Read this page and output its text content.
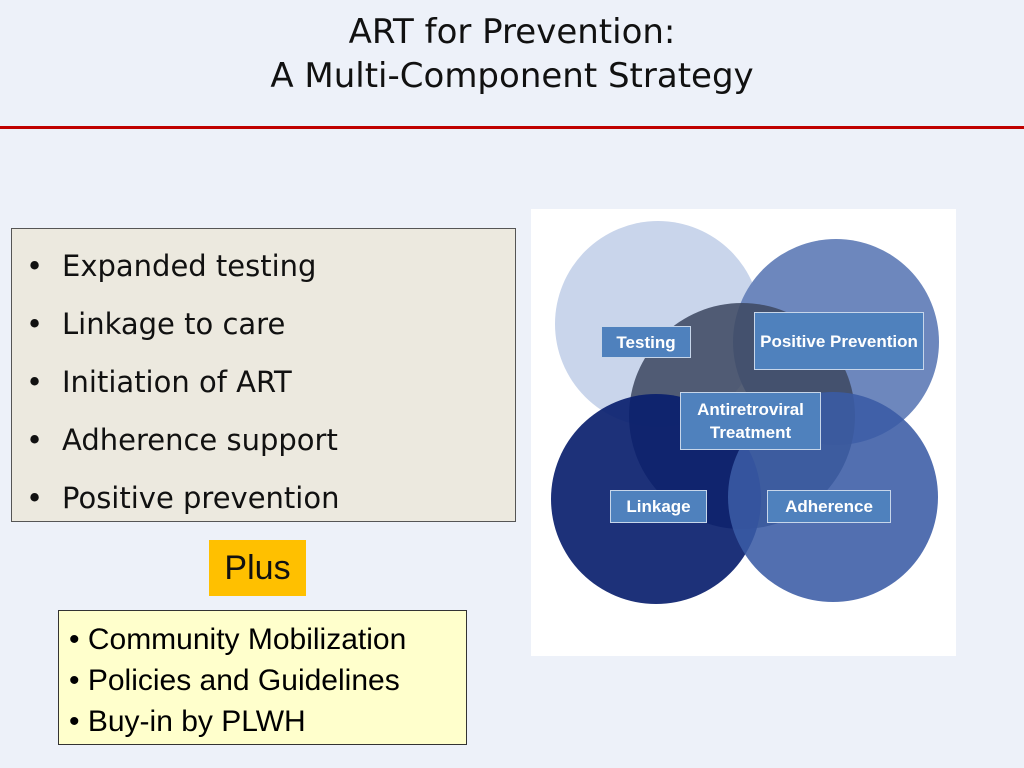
ART for Prevention:
A Multi-Component Strategy
• Expanded testing
• Linkage to care
• Initiation of ART
• Adherence support
• Positive prevention
Plus
• Community Mobilization
• Policies and Guidelines
• Buy-in by PLWH
Testing	Positive Prevention
Antiretroviral Treatment
Linkage	Adherence
